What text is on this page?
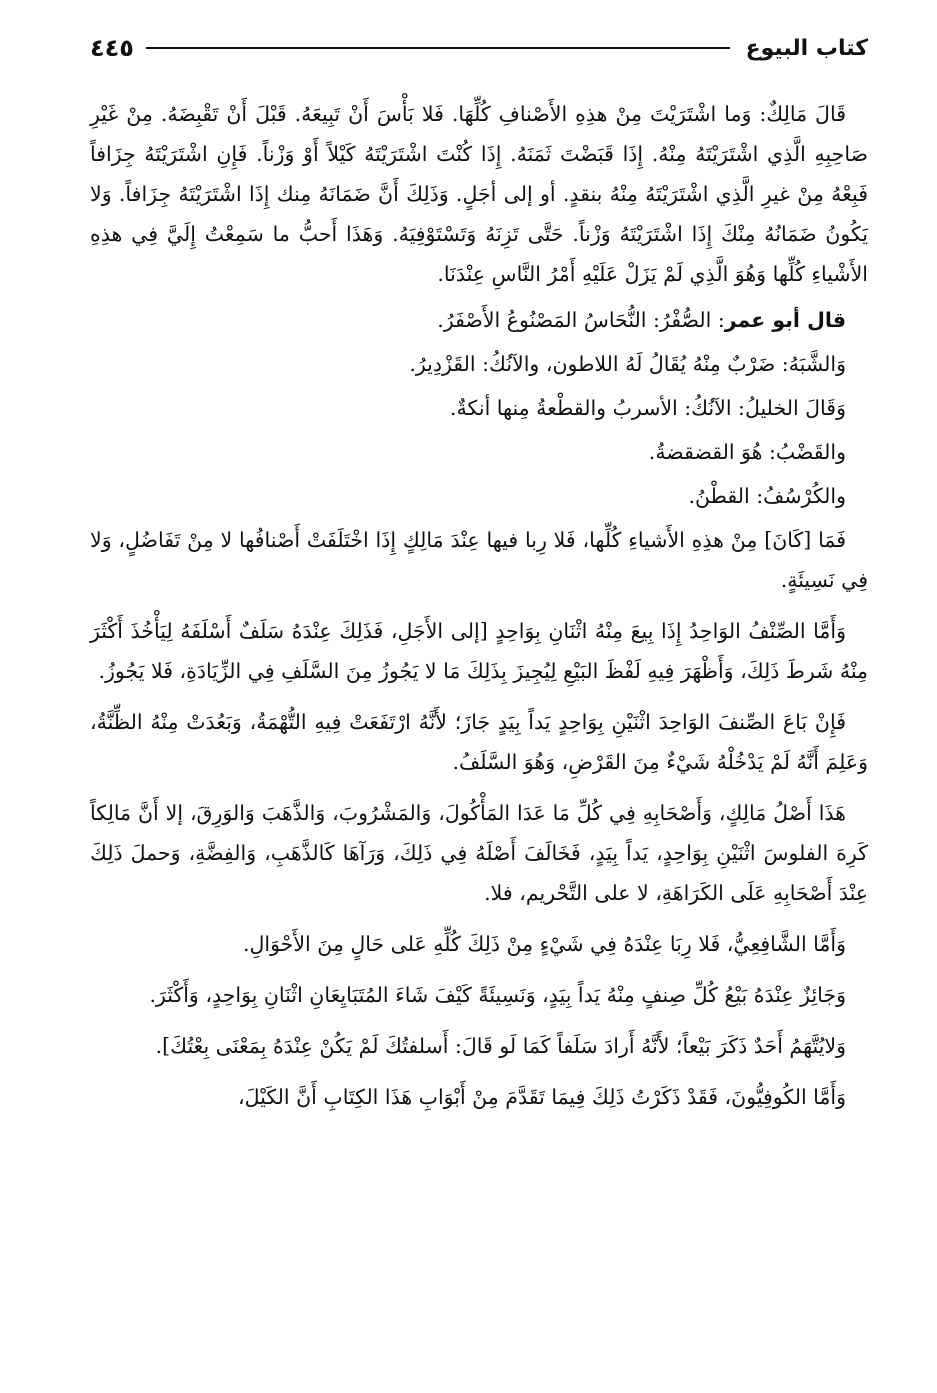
كتاب البيوع
٤٤٥

قَالَ مَالِكٌ: وَما اشْتَرَيْتَ مِنْ هذِهِ الأَصْنافِ كُلِّهَا. فَلا بَأْسَ أَنْ تَبِيعَهُ. قَبْلَ أَنْ تَقْبِضَهُ. مِنْ غَيْرِ صَاحِبِهِ الَّذِي اشْتَرَيْتَهُ مِنْهُ. إِذَا قَبَضْتَ ثَمَنَهُ. إِذَا كُنْتَ اشْتَرَيْتَهُ كَيْلاً أَوْ وَزْناً. فَإِنِ اشْتَرَيْتَهُ جِزَافاً فَبِعْهُ مِنْ غيرِ الَّذِي اشْتَرَيْتَهُ مِنْهُ بنقدٍ. أو إلى أجَلٍ. وَذَلِكَ أَنَّ ضَمَانَهُ مِنك إِذَا اشْتَرَيْتَهُ جِزَافاً. وَلا يَكُونُ ضَمَانُهُ مِنْكَ إِذَا اشْتَرَيْتَهُ وَزْناً. حَتَّى تَزِنَهُ وَتَسْتَوْفِيَهُ. وَهَذَا أَحبُّ ما سَمِعْتُ إِلَيَّ فِي هذِهِ الأَشْياءِ كُلِّها وَهُوَ الَّذِي لَمْ يَزَلْ عَلَيْهِ أَمْرُ النَّاسِ عِنْدَنَا.

قال أبو عمر: الصُّفْرُ: النُّحَاسُ المَصْنُوعُ الأَصْفَرُ.

وَالشَّبَهُ: ضَرْبٌ مِنْهُ يُقَالُ لَهُ اللاطون، والآنُكُ: القَزْدِيرُ.

وَقَالَ الخليلُ: الآنُكُ: الأسربُ والقطْعةُ مِنها أنكةٌ.

والقَضْبُ: هُوَ القضقضةُ.

والكُرْسُفُ: القطْنُ.

فَمَا [كَانَ] مِنْ هذِهِ الأَشياءِ كُلِّها، فَلا رِبا فيها عِنْدَ مَالِكٍ إِذَا اخْتَلَفَتْ أَصْنافُها لا مِنْ تَفَاضُلٍ، وَلا فِي نَسِيئَةٍ.

وَأَمَّا الصِّنْفُ الوَاحِدُ إِذَا بِيعَ مِنْهُ اثْنَانِ بِوَاحِدٍ [إلى الأَجَلِ، فَذَلِكَ عِنْدَهُ سَلَفٌ أَسْلَفَهُ لِيَأْخُذَ أَكْثَرَ مِنْهُ شَرطَ ذَلِكَ، وَأَظْهَرَ فِيهِ لَفْظَ البَيْعِ لِيُجِيزَ بِذَلِكَ مَا لا يَجُوزُ مِنَ السَّلَفِ فِي الزِّيَادَةِ، فَلا يَجُوزُ.

فَإِنْ بَاعَ الصِّنفَ الوَاحِدَ اثْنَيْنِ بِوَاحِدٍ يَداً بِيَدٍ جَازَ؛ لأَنَّهُ ارْتَفَعَتْ فِيهِ التُّهْمَةُ، وَبَعُدَتْ مِنْهُ الظِّنَّةُ، وَعَلِمَ أَنَّهُ لَمْ يَدْخُلْهُ شَيْءٌ مِنَ القَرْضِ، وَهُوَ السَّلَفُ.

هَذَا أَصْلُ مَالِكٍ، وَأَصْحَابِهِ فِي كُلِّ مَا عَدَا المَأْكُولَ، وَالمَشْرُوبَ، وَالذَّهَبَ وَالوَرِقَ، إلا أَنَّ مَالِكاً كَرِهَ الفلوسَ اثْنَيْنِ بِوَاحِدٍ، يَداً بِيَدٍ، فَخَالَفَ أَصْلَهُ فِي ذَلِكَ، وَرَآهَا كَالذَّهَبِ، وَالفِضَّةِ، وَحملَ ذَلِكَ عِنْدَ أَصْحَابِهِ عَلَى الكَرَاهَةِ، لا على التَّحْريم، فلا.

وَأَمَّا الشَّافِعِيُّ، فَلا رِبَا عِنْدَهُ فِي شَيْءٍ مِنْ ذَلِكَ كُلِّهِ عَلى حَالٍ مِنَ الأَحْوَالِ.

وَجَائِزٌ عِنْدَهُ بَيْعُ كُلِّ صِنفٍ مِنْهُ يَداً بِيَدٍ، وَنَسِيئَةً كَيْفَ شَاءَ المُتَبَايِعَانِ اثْنَانِ بِوَاحِدٍ، وَأَكْثَرَ.

وَلايُتَّهَمُ أَحَدٌ ذَكَرَ بَيْعاً؛ لأَنَّهُ أَرادَ سَلَفاً كَمَا لَو قَالَ: أَسلفتُكَ لَمْ يَكُنْ عِنْدَهُ بِمَعْنَى بِعْتُكَ].

وَأَمَّا الكُوفِيُّونَ، فَقَدْ ذَكَرْتُ ذَلِكَ فِيمَا تَقَدَّمَ مِنْ أَبْوَابِ هَذَا الكِتَابِ أَنَّ الكَيْلَ،
